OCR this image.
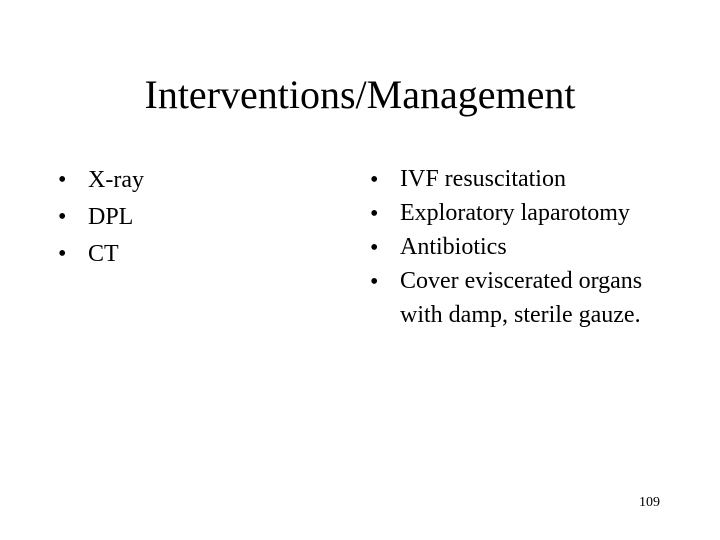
Interventions/Management
• X-ray
• DPL
• CT
• IVF resuscitation
• Exploratory laparotomy
• Antibiotics
• Cover eviscerated organs with damp, sterile gauze.
109
